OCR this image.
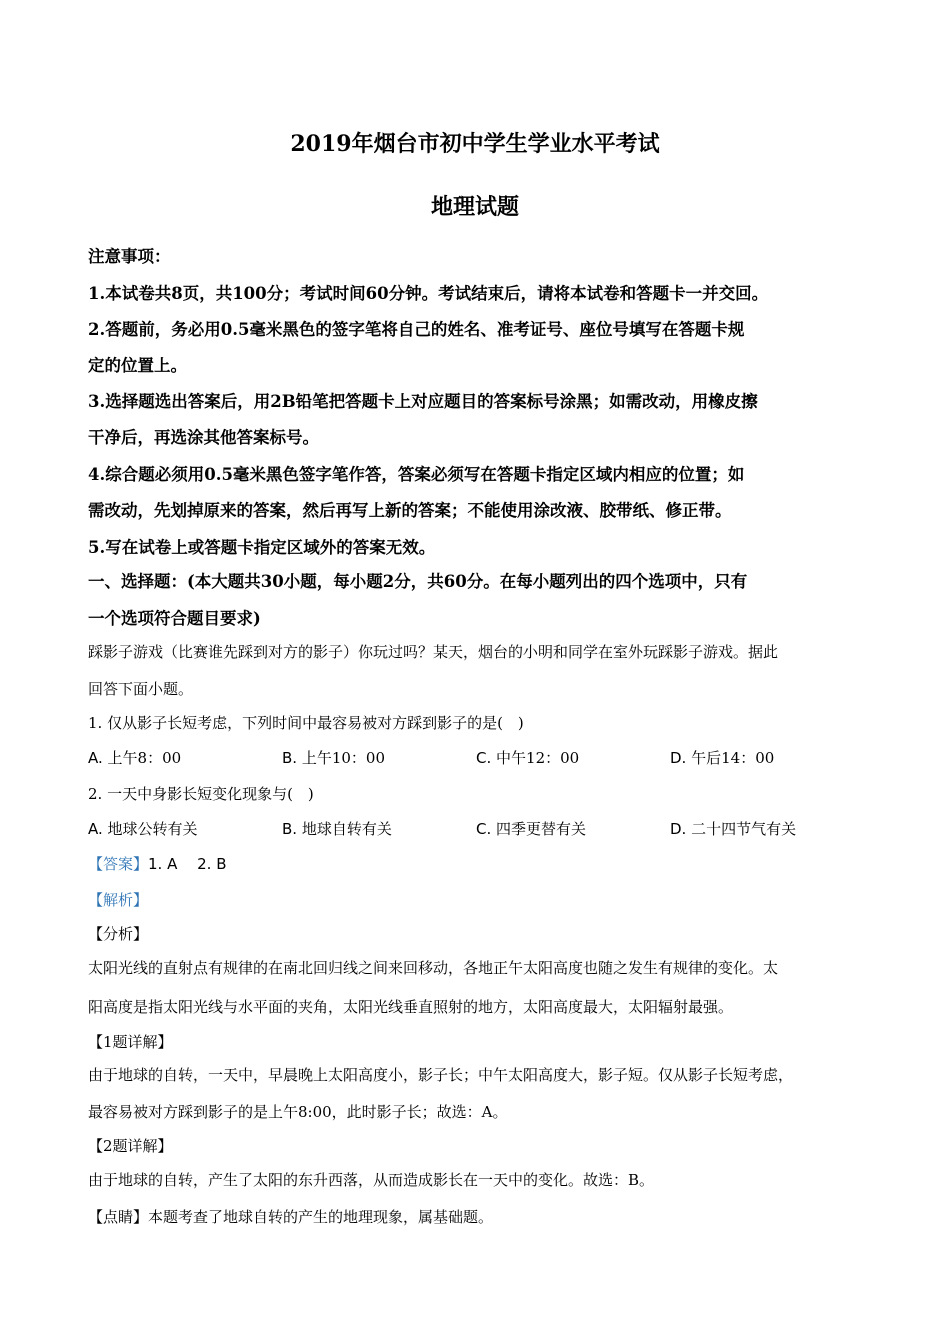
2019年烟台市初中学生学业水平考试
地理试题
注意事项：
1.本试卷共8页，共100分；考试时间60分钟。考试结束后，请将本试卷和答题卡一并交回。
2.答题前，务必用0.5毫米黑色的签字笔将自己的姓名、准考证号、座位号填写在答题卡规
定的位置上。
3.选择题选出答案后，用2B铅笔把答题卡上对应题目的答案标号涂黑；如需改动，用橡皮擦
干净后，再选涂其他答案标号。
4.综合题必须用0.5毫米黑色签字笔作答，答案必须写在答题卡指定区域内相应的位置；如
需改动，先划掉原来的答案，然后再写上新的答案；不能使用涂改液、胶带纸、修正带。
5.写在试卷上或答题卡指定区域外的答案无效。
一、选择题：(本大题共30小题，每小题2分，共60分。在每小题列出的四个选项中，只有
一个选项符合题目要求)
踩影子游戏（比赛谁先踩到对方的影子）你玩过吗？某天，烟台的小明和同学在室外玩踩影子游戏。据此
回答下面小题。
1. 仅从影子长短考虑，下列时间中最容易被对方踩到影子的是(　)
A. 上午8：00	B. 上午10：00	C. 中午12：00	D. 午后14：00
2. 一天中身影长短变化现象与(　)
A. 地球公转有关	B. 地球自转有关	C. 四季更替有关	D. 二十四节气有关
【答案】1. A　 2. B
【解析】
【分析】
太阳光线的直射点有规律的在南北回归线之间来回移动，各地正午太阳高度也随之发生有规律的变化。太
阳高度是指太阳光线与水平面的夹角，太阳光线垂直照射的地方，太阳高度最大，太阳辐射最强。
【1题详解】
由于地球的自转，一天中，早晨晚上太阳高度小，影子长；中午太阳高度大，影子短。仅从影子长短考虑，
最容易被对方踩到影子的是上午8:00，此时影子长；故选：A。
【2题详解】
由于地球的自转，产生了太阳的东升西落，从而造成影长在一天中的变化。故选：B。
【点睛】本题考查了地球自转的产生的地理现象，属基础题。
